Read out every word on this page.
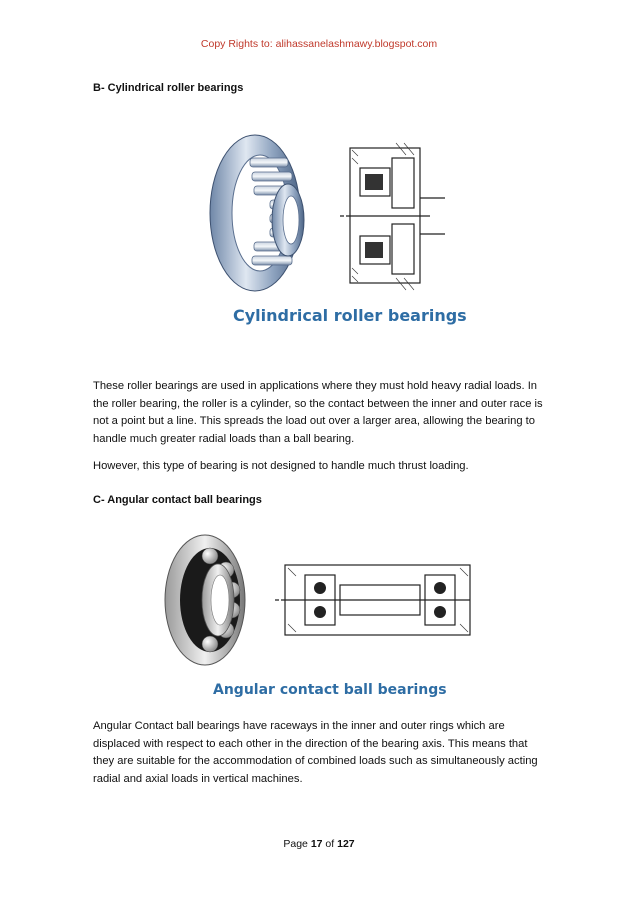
Copy Rights to: alihassanelashmawy.blogspot.com
B- Cylindrical roller bearings
Cylindrical roller bearings

These roller bearings are used in applications where they must hold heavy radial loads. In the roller bearing, the roller is a cylinder, so the contact between the inner and outer race is not a point but a line. This spreads the load out over a larger area, allowing the bearing to handle much greater radial loads than a ball bearing.

However, this type of bearing is not designed to handle much thrust loading.

C- Angular contact ball bearings
Angular contact ball bearings

Angular Contact ball bearings have raceways in the inner and outer rings which are displaced with respect to each other in the direction of the bearing axis. This means that they are suitable for the accommodation of combined loads such as simultaneously acting radial and axial loads in vertical machines.

Page 17 of 127
